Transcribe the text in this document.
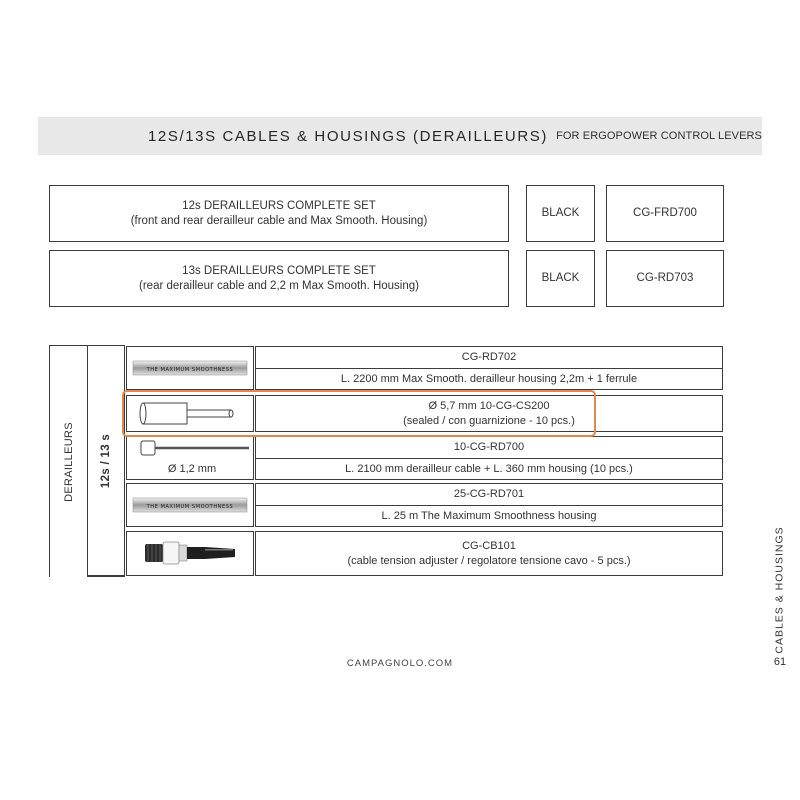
12S/13S CABLES & HOUSINGS (DERAILLEURS) FOR ERGOPOWER CONTROL LEVERS
12s DERAILLEURS COMPLETE SET
(front and rear derailleur cable and Max Smooth. Housing)
BLACK	CG-FRD700
13s DERAILLEURS COMPLETE SET
(rear derailleur cable and 2,2 m Max Smooth. Housing)
BLACK	CG-RD703
DERAILLEURS 12s / 13 s
THE MAXIMUM SMOOTHNESS
CG-RD702
L. 2200 mm Max Smooth. derailleur housing 2,2m + 1 ferrule
Ø 5,7 mm 10-CG-CS200
(sealed / con guarnizione - 10 pcs.)
Ø 1,2 mm
10-CG-RD700
L. 2100 mm derailleur cable + L. 360 mm housing (10 pcs.)
THE MAXIMUM SMOOTHNESS
25-CG-RD701
L. 25 m The Maximum Smoothness housing
CG-CB101
(cable tension adjuster / regolatore tensione cavo - 5 pcs.)
CAMPAGNOLO.COM
CABLES & HOUSINGS
61
